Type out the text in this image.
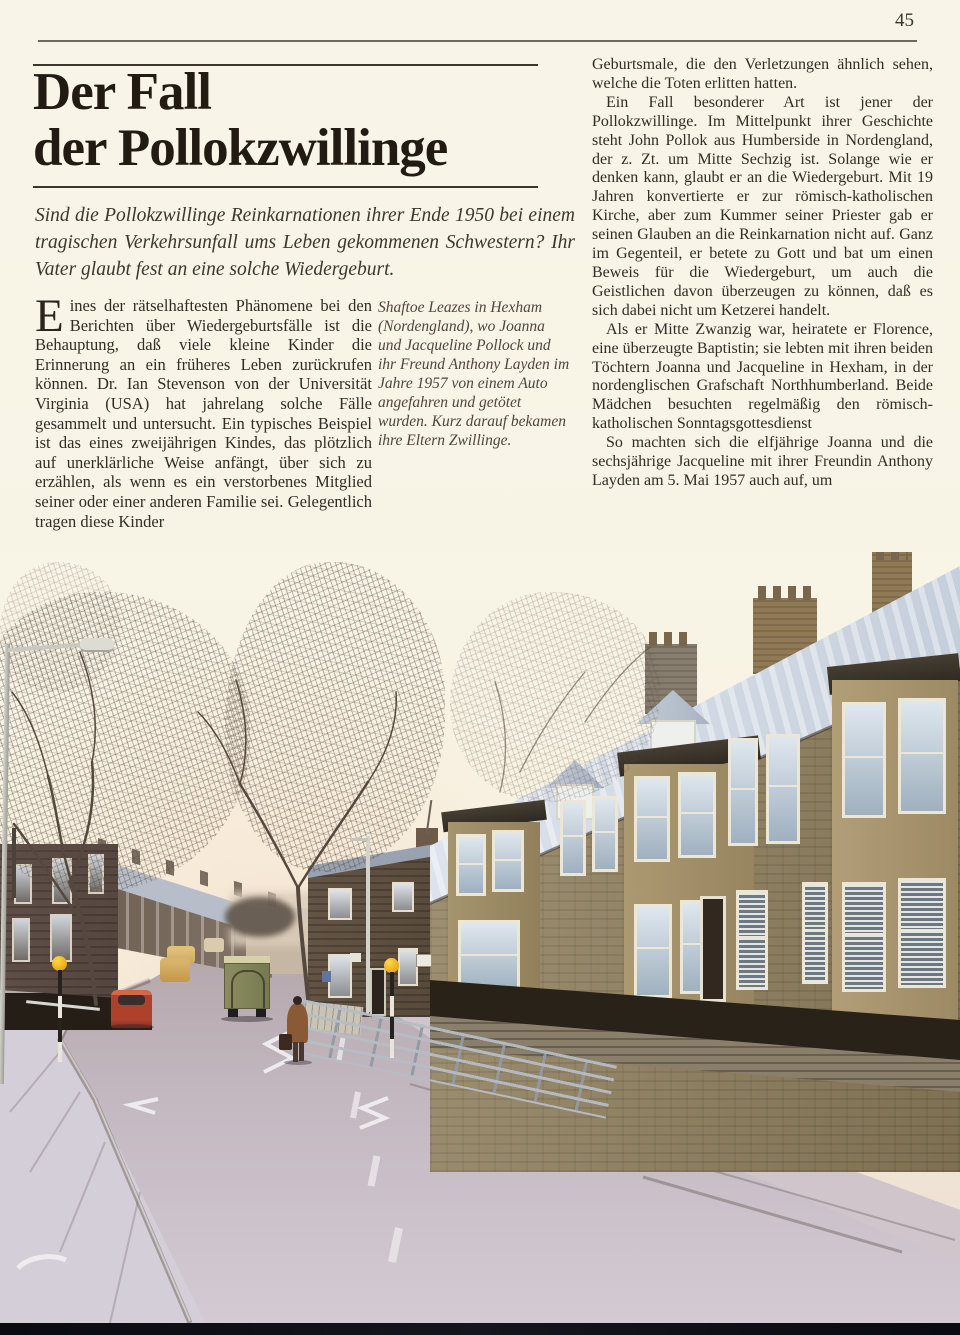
45
Der Fall
der Pollokzwillinge

Sind die Pollokzwillinge Reinkarnationen ihrer Ende 1950 bei einem tragischen Verkehrsunfall ums Leben gekommenen Schwestern? Ihr Vater glaubt fest an eine solche Wiedergeburt.

Eines der rätselhaftesten Phänomene bei den Berichten über Wiedergeburtsfälle ist die Behauptung, daß viele kleine Kinder die Erinnerung an ein früheres Leben zurückrufen können. Dr. Ian Stevenson von der Universität Virginia (USA) hat jahrelang solche Fälle gesammelt und untersucht. Ein typisches Beispiel ist das eines zweijährigen Kindes, das plötzlich auf unerklärliche Weise anfängt, über sich zu erzählen, als wenn es ein verstorbenes Mitglied seiner oder einer anderen Familie sei. Gelegentlich tragen diese Kinder
Shaftoe Leazes in Hexham (Nordengland), wo Joanna und Jacqueline Pollock und ihr Freund Anthony Layden im Jahre 1957 von einem Auto angefahren und getötet wurden. Kurz darauf bekamen ihre Eltern Zwillinge.

Geburtsmale, die den Verletzungen ähnlich sehen, welche die Toten erlitten hatten.

Ein Fall besonderer Art ist jener der Pollokzwillinge. Im Mittelpunkt ihrer Geschichte steht John Pollok aus Humberside in Nordengland, der z. Zt. um Mitte Sechzig ist. Solange wie er denken kann, glaubt er an die Wiedergeburt. Mit 19 Jahren konvertierte er zur römisch-katholischen Kirche, aber zum Kummer seiner Priester gab er seinen Glauben an die Reinkarnation nicht auf. Ganz im Gegenteil, er betete zu Gott und bat um einen Beweis für die Wiedergeburt, um auch die Geistlichen davon überzeugen zu können, daß es sich dabei nicht um Ketzerei handelt.

Als er Mitte Zwanzig war, heiratete er Florence, eine überzeugte Baptistin; sie lebten mit ihren beiden Töchtern Joanna und Jacqueline in Hexham, in der nordenglischen Grafschaft Northhumberland. Beide Mädchen besuchten regelmäßig den römisch-katholischen Sonntagsgottesdienst

So machten sich die elfjährige Joanna und die sechsjährige Jacqueline mit ihrer Freundin Anthony Layden am 5. Mai 1957 auch auf, um
